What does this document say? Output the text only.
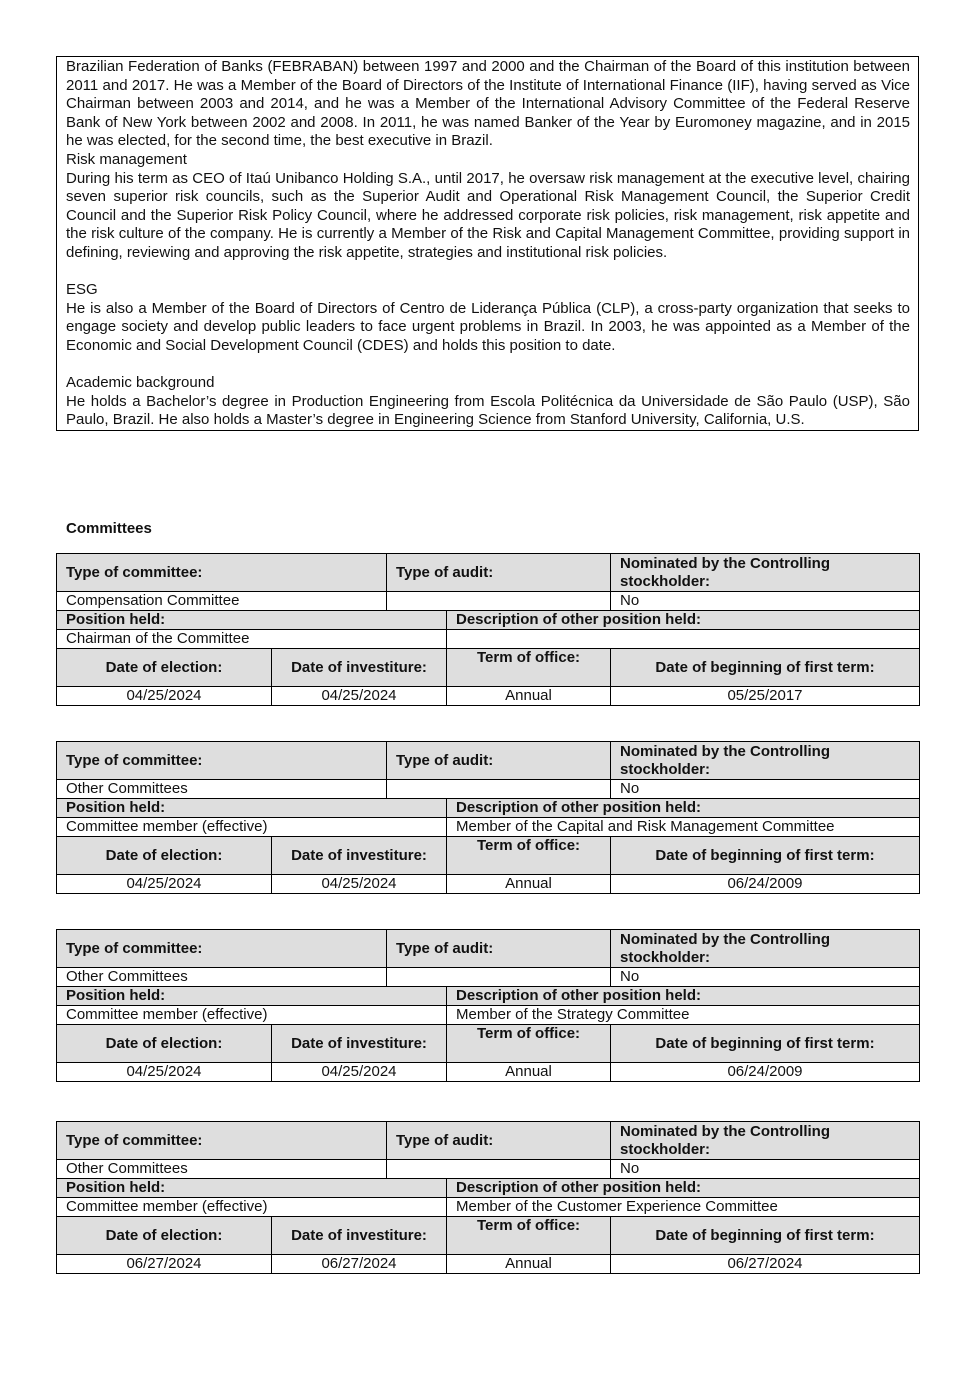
Brazilian Federation of Banks (FEBRABAN) between 1997 and 2000 and the Chairman of the Board of this institution between 2011 and 2017. He was a Member of the Board of Directors of the Institute of International Finance (IIF), having served as Vice Chairman between 2003 and 2014, and he was a Member of the International Advisory Committee of the Federal Reserve Bank of New York between 2002 and 2008. In 2011, he was named Banker of the Year by Euromoney magazine, and in 2015 he was elected, for the second time, the best executive in Brazil.

Risk management

During his term as CEO of Itaú Unibanco Holding S.A., until 2017, he oversaw risk management at the executive level, chairing seven superior risk councils, such as the Superior Audit and Operational Risk Management Council, the Superior Credit Council and the Superior Risk Policy Council, where he addressed corporate risk policies, risk management, risk appetite and the risk culture of the company. He is currently a Member of the Risk and Capital Management Committee, providing support in defining, reviewing and approving the risk appetite, strategies and institutional risk policies.

ESG

He is also a Member of the Board of Directors of Centro de Liderança Pública (CLP), a cross-party organization that seeks to engage society and develop public leaders to face urgent problems in Brazil. In 2003, he was appointed as a Member of the Economic and Social Development Council (CDES) and holds this position to date.

Academic background

He holds a Bachelor’s degree in Production Engineering from Escola Politécnica da Universidade de São Paulo (USP), São Paulo, Brazil. He also holds a Master’s degree in Engineering Science from Stanford University, California, U.S.

Committees
Type of committee:		Type of audit:		Nominated by the Controlling stockholder:
Compensation Committee				No
Position held:			Description of other position held:	
Chairman of the Committee				
Date of election:	Date of investiture:		Term of office:	Date of beginning of first term:
04/25/2024	04/25/2024		Annual	05/25/2017
Type of committee:		Type of audit:		Nominated by the Controlling stockholder:
Other Committees				No
Position held:			Description of other position held:	
Committee member (effective)			Member of the Capital and Risk Management Committee	
Date of election:	Date of investiture:		Term of office:	Date of beginning of first term:
04/25/2024	04/25/2024		Annual	06/24/2009
Type of committee:		Type of audit:		Nominated by the Controlling stockholder:
Other Committees				No
Position held:			Description of other position held:	
Committee member (effective)			Member of the Strategy Committee	
Date of election:	Date of investiture:		Term of office:	Date of beginning of first term:
04/25/2024	04/25/2024		Annual	06/24/2009
Type of committee:		Type of audit:		Nominated by the Controlling stockholder:
Other Committees				No
Position held:			Description of other position held:	
Committee member (effective)			Member of the Customer Experience Committee	
Date of election:	Date of investiture:		Term of office:	Date of beginning of first term:
06/27/2024	06/27/2024		Annual	06/27/2024
